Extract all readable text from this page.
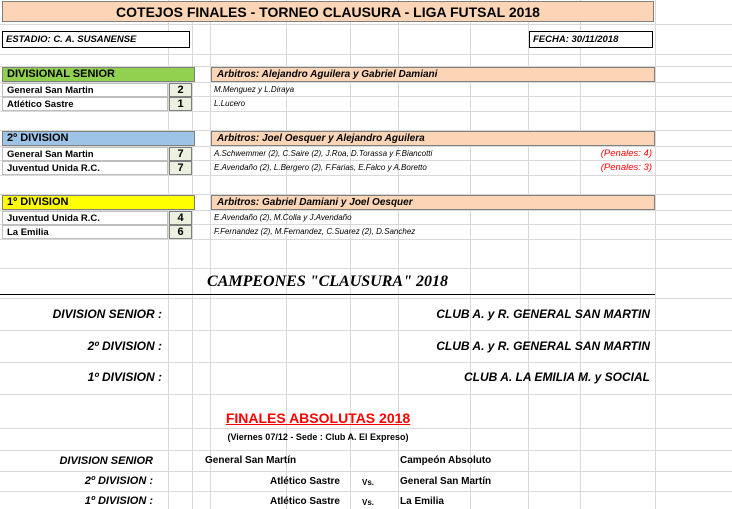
COTEJOS FINALES - TORNEO CLAUSURA - LIGA FUTSAL 2018
ESTADIO: C. A. SUSANENSE	FECHA: 30/11/2018
DIVISIONAL SENIOR	Arbitros: Alejandro Aguilera y Gabriel Damiani
General San Martin	2	M.Menguez y L.Diraya
Atlético Sastre	1	L.Lucero
2º DIVISION	Arbitros: Joel Oesquer y Alejandro Aguilera
General San Martin	7	A.Schwemmer (2), C.Saire (2), J.Roa, D.Torassa y F.Biancotti	(Penales: 4)
Juventud Unida R.C.	7	E.Avendaño (2), L.Bergero (2), F.Farias, E.Falco y A.Boretto	(Penales: 3)
1º DIVISION	Arbitros: Gabriel Damiani y Joel Oesquer
Juventud Unida R.C.	4	E.Avendaño (2), M.Colla y J.Avendaño
La Emilia	6	F.Fernandez (2), M.Fernandez, C.Suarez (2), D.Sanchez
CAMPEONES "CLAUSURA" 2018
DIVISION SENIOR :	CLUB A. y R. GENERAL SAN MARTIN
2º DIVISION :	CLUB A. y R. GENERAL SAN MARTIN
1º DIVISION :	CLUB A. LA EMILIA M. y SOCIAL
FINALES ABSOLUTAS 2018
(Viernes 07/12 - Sede : Club A. El Expreso)
DIVISION SENIOR	General San Martín	Campeón Absoluto
2º DIVISION :	Atlético Sastre	Vs.	General San Martín
1º DIVISION :	Atlético Sastre	Vs.	La Emilia
